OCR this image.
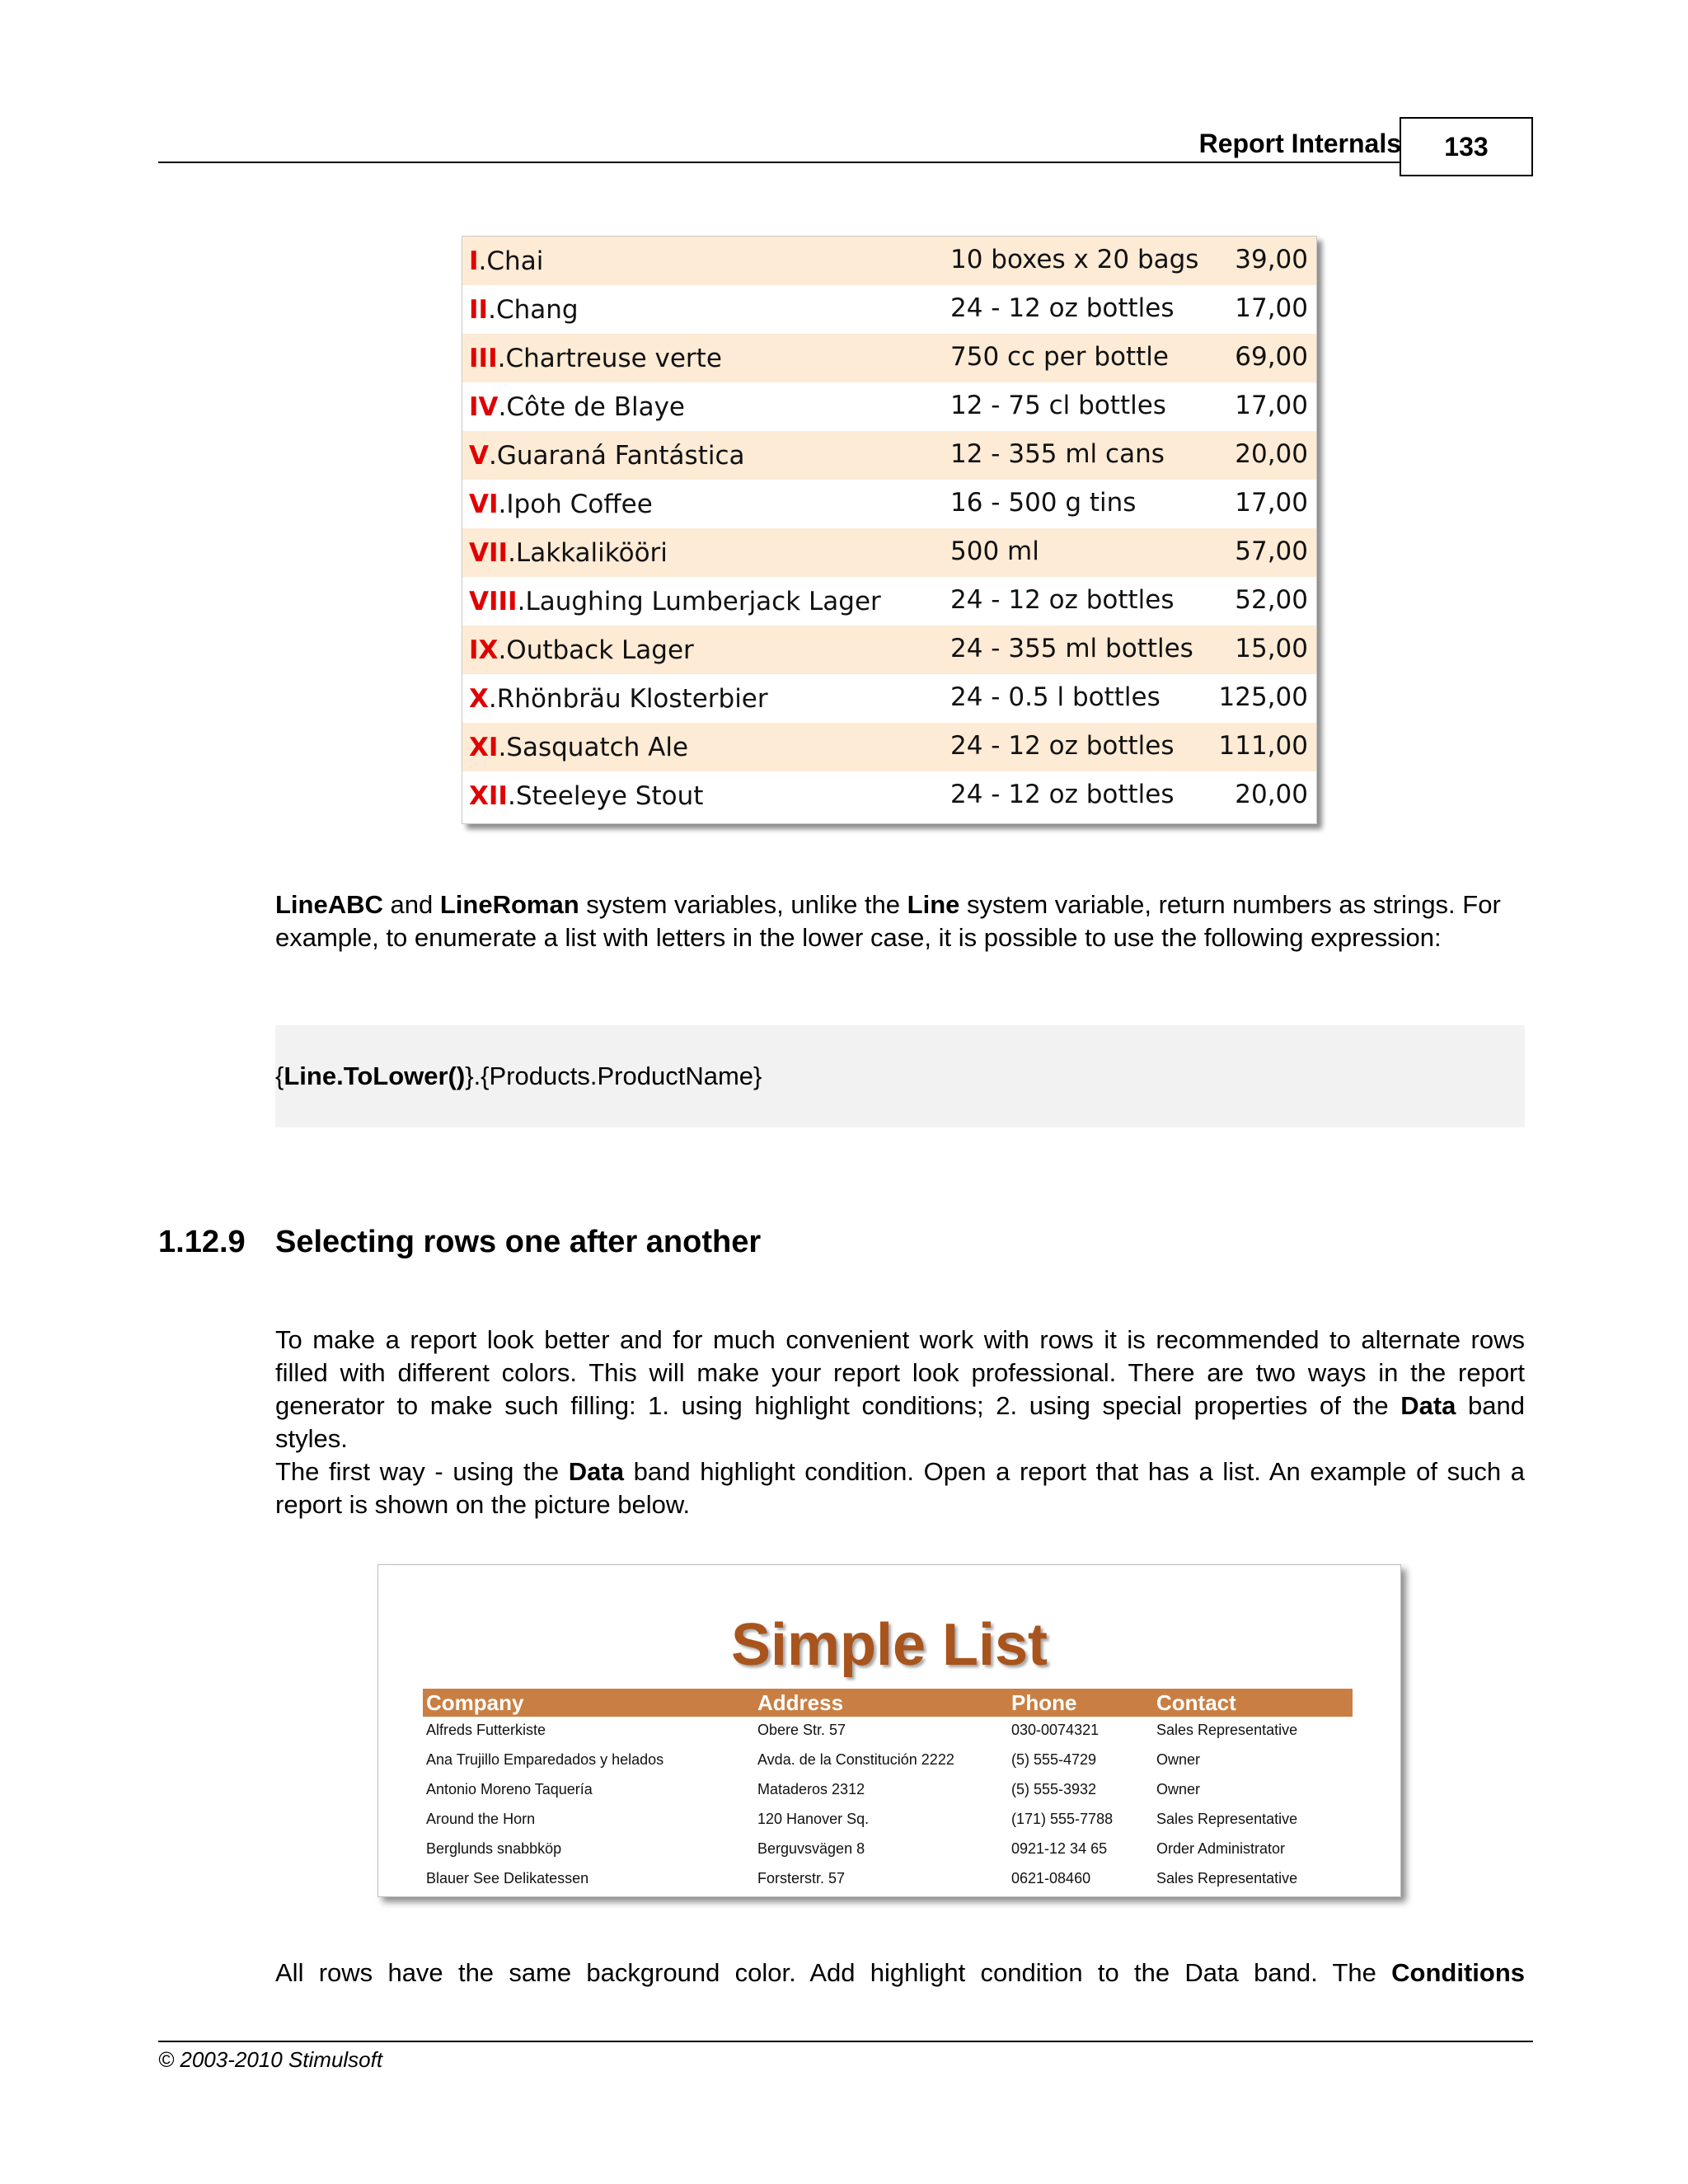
Report Internals	133
I.Chai	10 boxes x 20 bags 39,00
II.Chang	24 - 12 oz bottles 17,00
III.Chartreuse verte	750 cc per bottle	69,00
IV.Côte de Blaye	12 - 75 cl bottles	17,00
V.Guaraná Fantástica	12 - 355 ml cans	20,00
VI.Ipoh Coffee	16 - 500 g tins	17,00
VII.Lakkalikööri	500 ml	57,00
VIII.Laughing Lumberjack Lager	24 - 12 oz bottles 52,00
IX.Outback Lager	24 - 355 ml bottles 15,00
X.Rhönbräu Klosterbier	24 - 0.5 l bottles 125,00
XI.Sasquatch Ale	24 - 12 oz bottles 111,00
XII.Steeleye Stout	24 - 12 oz bottles 20,00
LineABC and LineRoman system variables, unlike the Line system variable, return numbers as strings. For example, to enumerate a list with letters in the lower case, it is possible to use the following expression:
{Line.ToLower()}.{Products.ProductName}
1.12.9 Selecting rows one after another
To make a report look better and for much convenient work with rows it is recommended to alternate rows filled with different colors. This will make your report look professional. There are two ways in the report generator to make such filling: 1. using highlight conditions; 2. using special properties of the Data band styles.
The first way - using the Data band highlight condition. Open a report that has a list. An example of such a report is shown on the picture below.
Simple List
Company	Address	Phone	Contact
Alfreds Futterkiste	Obere Str. 57	030-0074321	Sales Representative
Ana Trujillo Emparedados y helados	Avda. de la Constitución 2222	(5) 555-4729	Owner
Antonio Moreno Taquería	Mataderos 2312	(5) 555-3932	Owner
Around the Horn	120 Hanover Sq.	(171) 555-7788	Sales Representative
Berglunds snabbköp	Berguvsvägen 8	0921-12 34 65	Order Administrator
Blauer See Delikatessen	Forsterstr. 57	0621-08460	Sales Representative
All rows have the same background color. Add highlight condition to the Data band. The Conditions
© 2003-2010 Stimulsoft
